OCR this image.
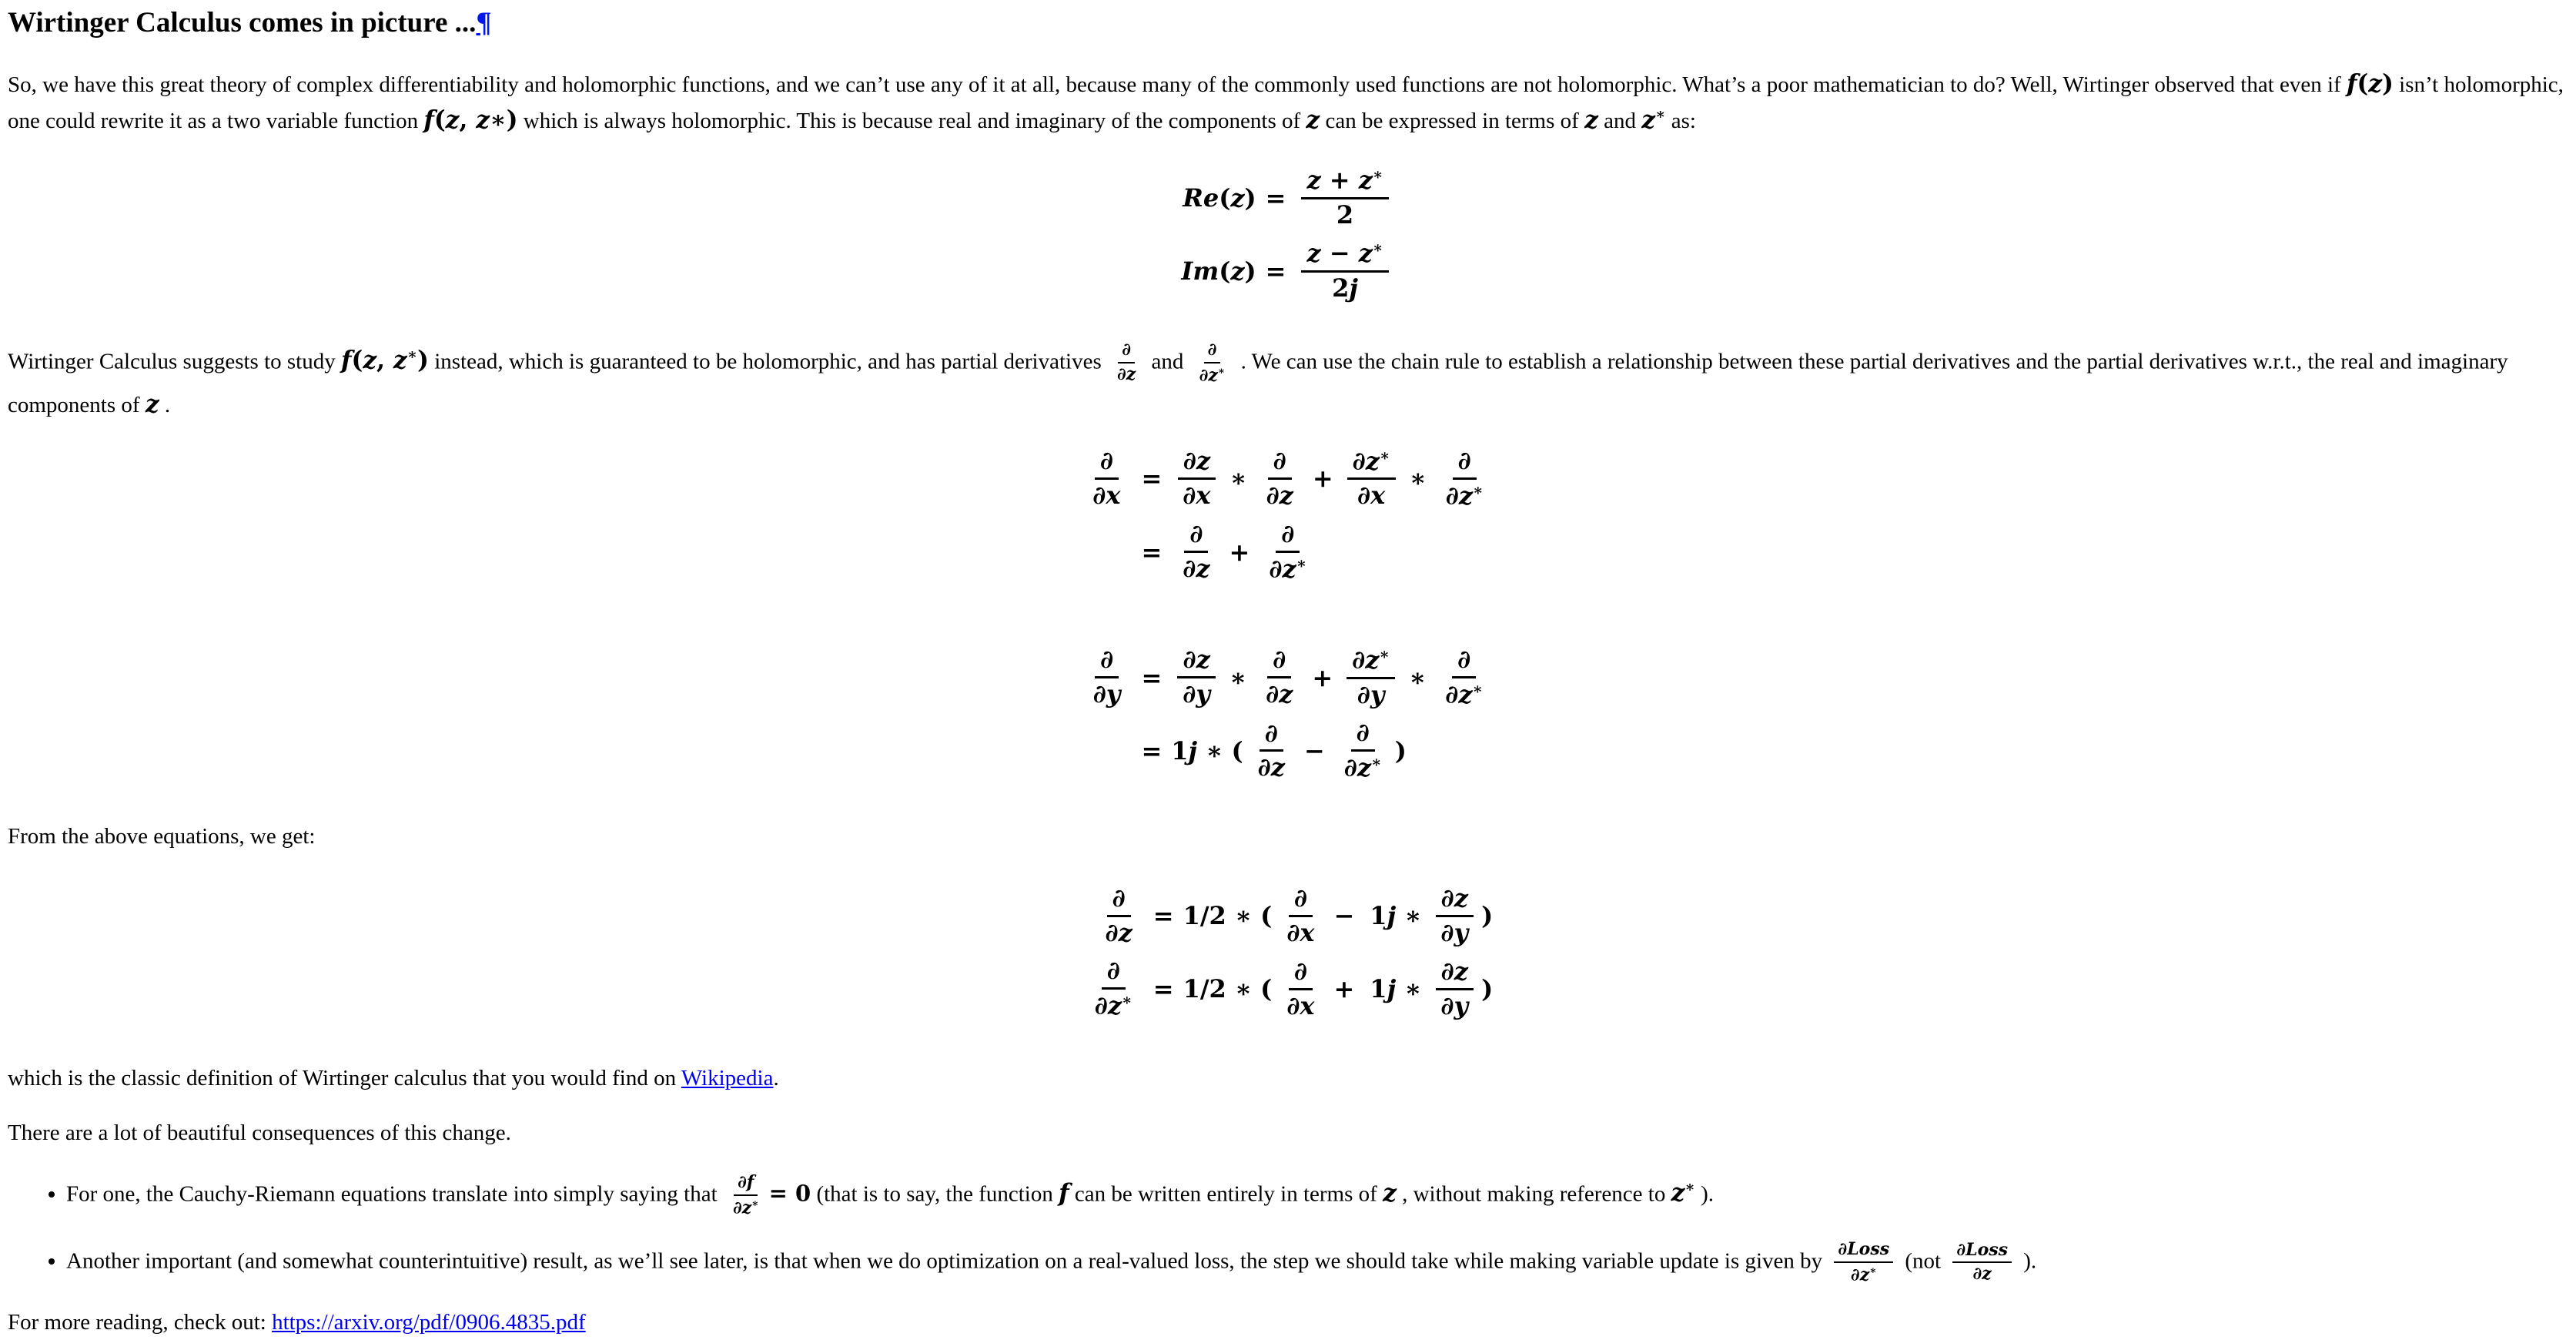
Wirtinger Calculus comes in picture ...¶

So, we have this great theory of complex differentiability and holomorphic functions, and we can’t use any of it at all, because many of the commonly used functions are not holomorphic. What’s a poor mathematician to do? Well, Wirtinger observed that even if f(z) isn’t holomorphic, one could rewrite it as a two variable function f(z, z∗) which is always holomorphic. This is because real and imaginary of the components of z can be expressed in terms of z and z∗ as:

$Re(z) = \frac{z + z^∗}{2}$
$Im(z) = \frac{z - z^∗}{2j}$

Wirtinger Calculus suggests to study f(z, z∗) instead, which is guaranteed to be holomorphic, and has partial derivatives $\frac{\partial}{\partial z}$ and $\frac{\partial}{\partial z^∗}$ . We can use the chain rule to establish a relationship between these partial derivatives and the partial derivatives w.r.t., the real and imaginary components of z .

$\frac{\partial}{\partial x} = \frac{\partial z}{\partial x}$ ∗ $\frac{\partial}{\partial z} + \frac{\partial z^∗}{\partial x}$ ∗ $\frac{\partial}{\partial z^∗}$
= $\frac{\partial}{\partial z} + \frac{\partial}{\partial z^∗}$
$\frac{\partial}{\partial y} = \frac{\partial z}{\partial y}$ ∗ $\frac{\partial}{\partial z} + \frac{\partial z^∗}{\partial y}$ ∗ $\frac{\partial}{\partial z^∗}$
= 1j ∗ ( $\frac{\partial}{\partial z} - \frac{\partial}{\partial z^∗}$ )

From the above equations, we get:

$\frac{\partial}{\partial z} = 1/2$ ∗ ( $\frac{\partial}{\partial x} - 1j$ ∗ $\frac{\partial z}{\partial y}$ )
$\frac{\partial}{\partial z^∗} = 1/2$ ∗ ( $\frac{\partial}{\partial x} + 1j$ ∗ $\frac{\partial z}{\partial y}$ )

which is the classic definition of Wirtinger calculus that you would find on Wikipedia.

There are a lot of beautiful consequences of this change.

• For one, the Cauchy-Riemann equations translate into simply saying that $\frac{\partial f}{\partial z^∗} = 0$ (that is to say, the function f can be written entirely in terms of z , without making reference to z∗ ).
• Another important (and somewhat counterintuitive) result, as we’ll see later, is that when we do optimization on a real-valued loss, the step we should take while making variable update is given by $\frac{\text{∂Loss}}{\partial z^∗} (not \frac{\text{∂Loss}}{\partial z}$ ).

For more reading, check out: https://arxiv.org/pdf/0906.4835.pdf
